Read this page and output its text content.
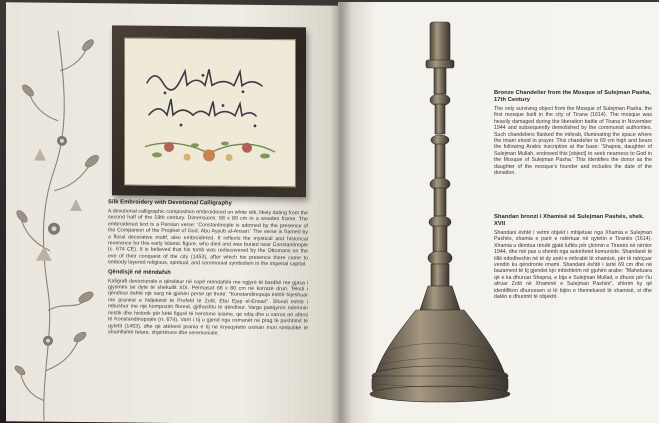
Silk Embroidery with Devotional Calligraphy
A devotional calligraphic composition embroidered on white silk, likely dating from the second half of the 19th century. Dimensions: 68 x 80 cm in a wooden frame. The embroidered text is a Persian verse: 'Constantinople is adorned by the presence of the Companion of the Prophet of God, Abu Ayyub al-Ansari.' The verse is framed by a floral decorative motif, also embroidered. It reflects the mystical and historical reverence for this early Islamic figure, who died and was buried near Constantinople (c. 674 CE). It is believed that his tomb was rediscovered by the Ottomans on the eve of their conquest of the city (1453), after which his presence there came to embody layered religious, spiritual, and ceremonial symbolism in the imperial capital.
Qëndisjë në mëndafsh
Kaligrafi devocionale e qëndisur në copë mëndafshi me ngjyrë të bardhë me gjasa i gjysmës së dytë të shekullit XIX. Përmasat 68 x 80 cm në kornizë druri. Teksti i qëndisur është një varg në gjuhën perse që thotë: "Konstandinopoja është hijeshuar me praninë e Ndjekësit të Profetit të Zotit, Ebu Ejup el-Ensari". Sfondi është i mbushur me një kompozim floreal, gjithashtu të qëndisur. Vargu pasqyron nderimin mistik dhe historik për këtë figurë të hershme islame, që vdiq dhe u varros në afërsi të Konstandinopojës (rr. 674). Varri i tij u gjend nga osmanët në prag të pushtimit të qytetit (1453), dhe që atëherë prania e tij në kryeqytetin osman mori simbolikë të shumfishtë fetare, shpirtërore dhe ceremoniale.
Bronze Chandelier from the Mosque of Sulejman Pasha, 17th Century
The only surviving object from the Mosque of Sulejman Pasha, the first mosque built in the city of Tirana (1614). The mosque was heavily damaged during the liberation battle of Tirana in November 1944 and subsequently demolished by the communist authorities. Such chandeliers flanked the mihrab, illuminating the space where the imam stood in prayer. This chandelier is 69 cm high and bears the following Arabic inscription at the base: 'Shapna, daughter of Sulejman Mullah, endowed this [object] to seek nearness to God in the Mosque of Sulejman Pasha.' This identifies the donor as the daughter of the mosque's founder and includes the date of the donation.
Shandan bronzi i Xhamisë së Sulejman Pashës, shek. XVII
Shandani është i vetmi objekt i mbijetuar nga Xhamia e Sulejman Pashës, xhamia e parë e ndërtuar në qytetin e Tiranës (1614). Xhamia u dëmtua rëndë gjatë luftës për çlirimin e Tiranës në nëntor 1944, dhe më pas u shemb nga autoritetet komuniste. Shandanë të tillë ndodheshin në të dy anët e mihrabit të xhamisë, për të ndriçuar vendin ku qëndronte imami. Shandani është i lartë 69 cm dhe në bazament të tij gjendet kjo mbishkrim në gjuhën arabe: "Mahetuara që e ka dhuruar Shapna, e bija e Sulejman Mullait, e dhuroi për t'iu afruar Zotit në Xhaminë e Sulejman Pashës", shkrim ky që identifikon dhuruesen si të bijën e themeluesit të xhamisë, si dhe datën e dhurimit të objektit.
